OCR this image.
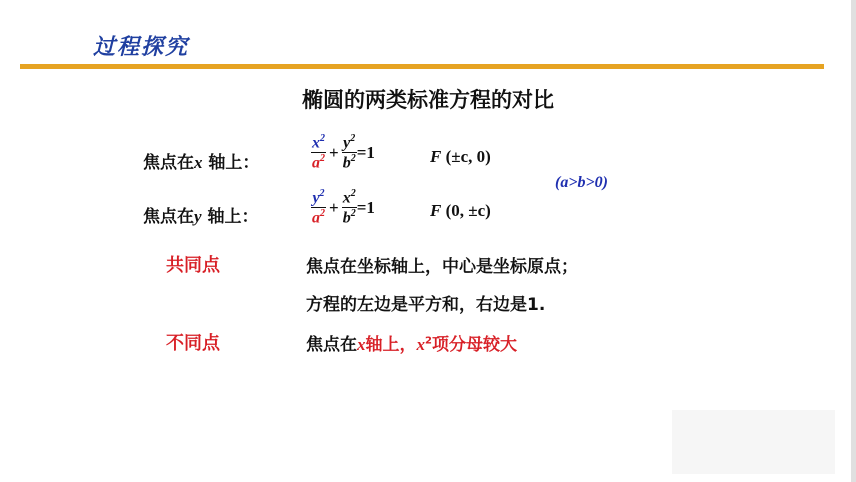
过程探究
椭圆的两类标准方程的对比
焦点在x 轴上：	$\frac{x^2}{a^2} + \frac{y^2}{b^2} =1$	F (±c, 0)
焦点在y 轴上：	$\frac{y^2}{a^2} + \frac{x^2}{b^2} =1$	F (0, ±c)
(a>b>0)
共同点	焦点在坐标轴上，中心是坐标原点；
方程的左边是平方和，右边是1.
不同点	焦点在x轴上，$x^2$项分母较大
